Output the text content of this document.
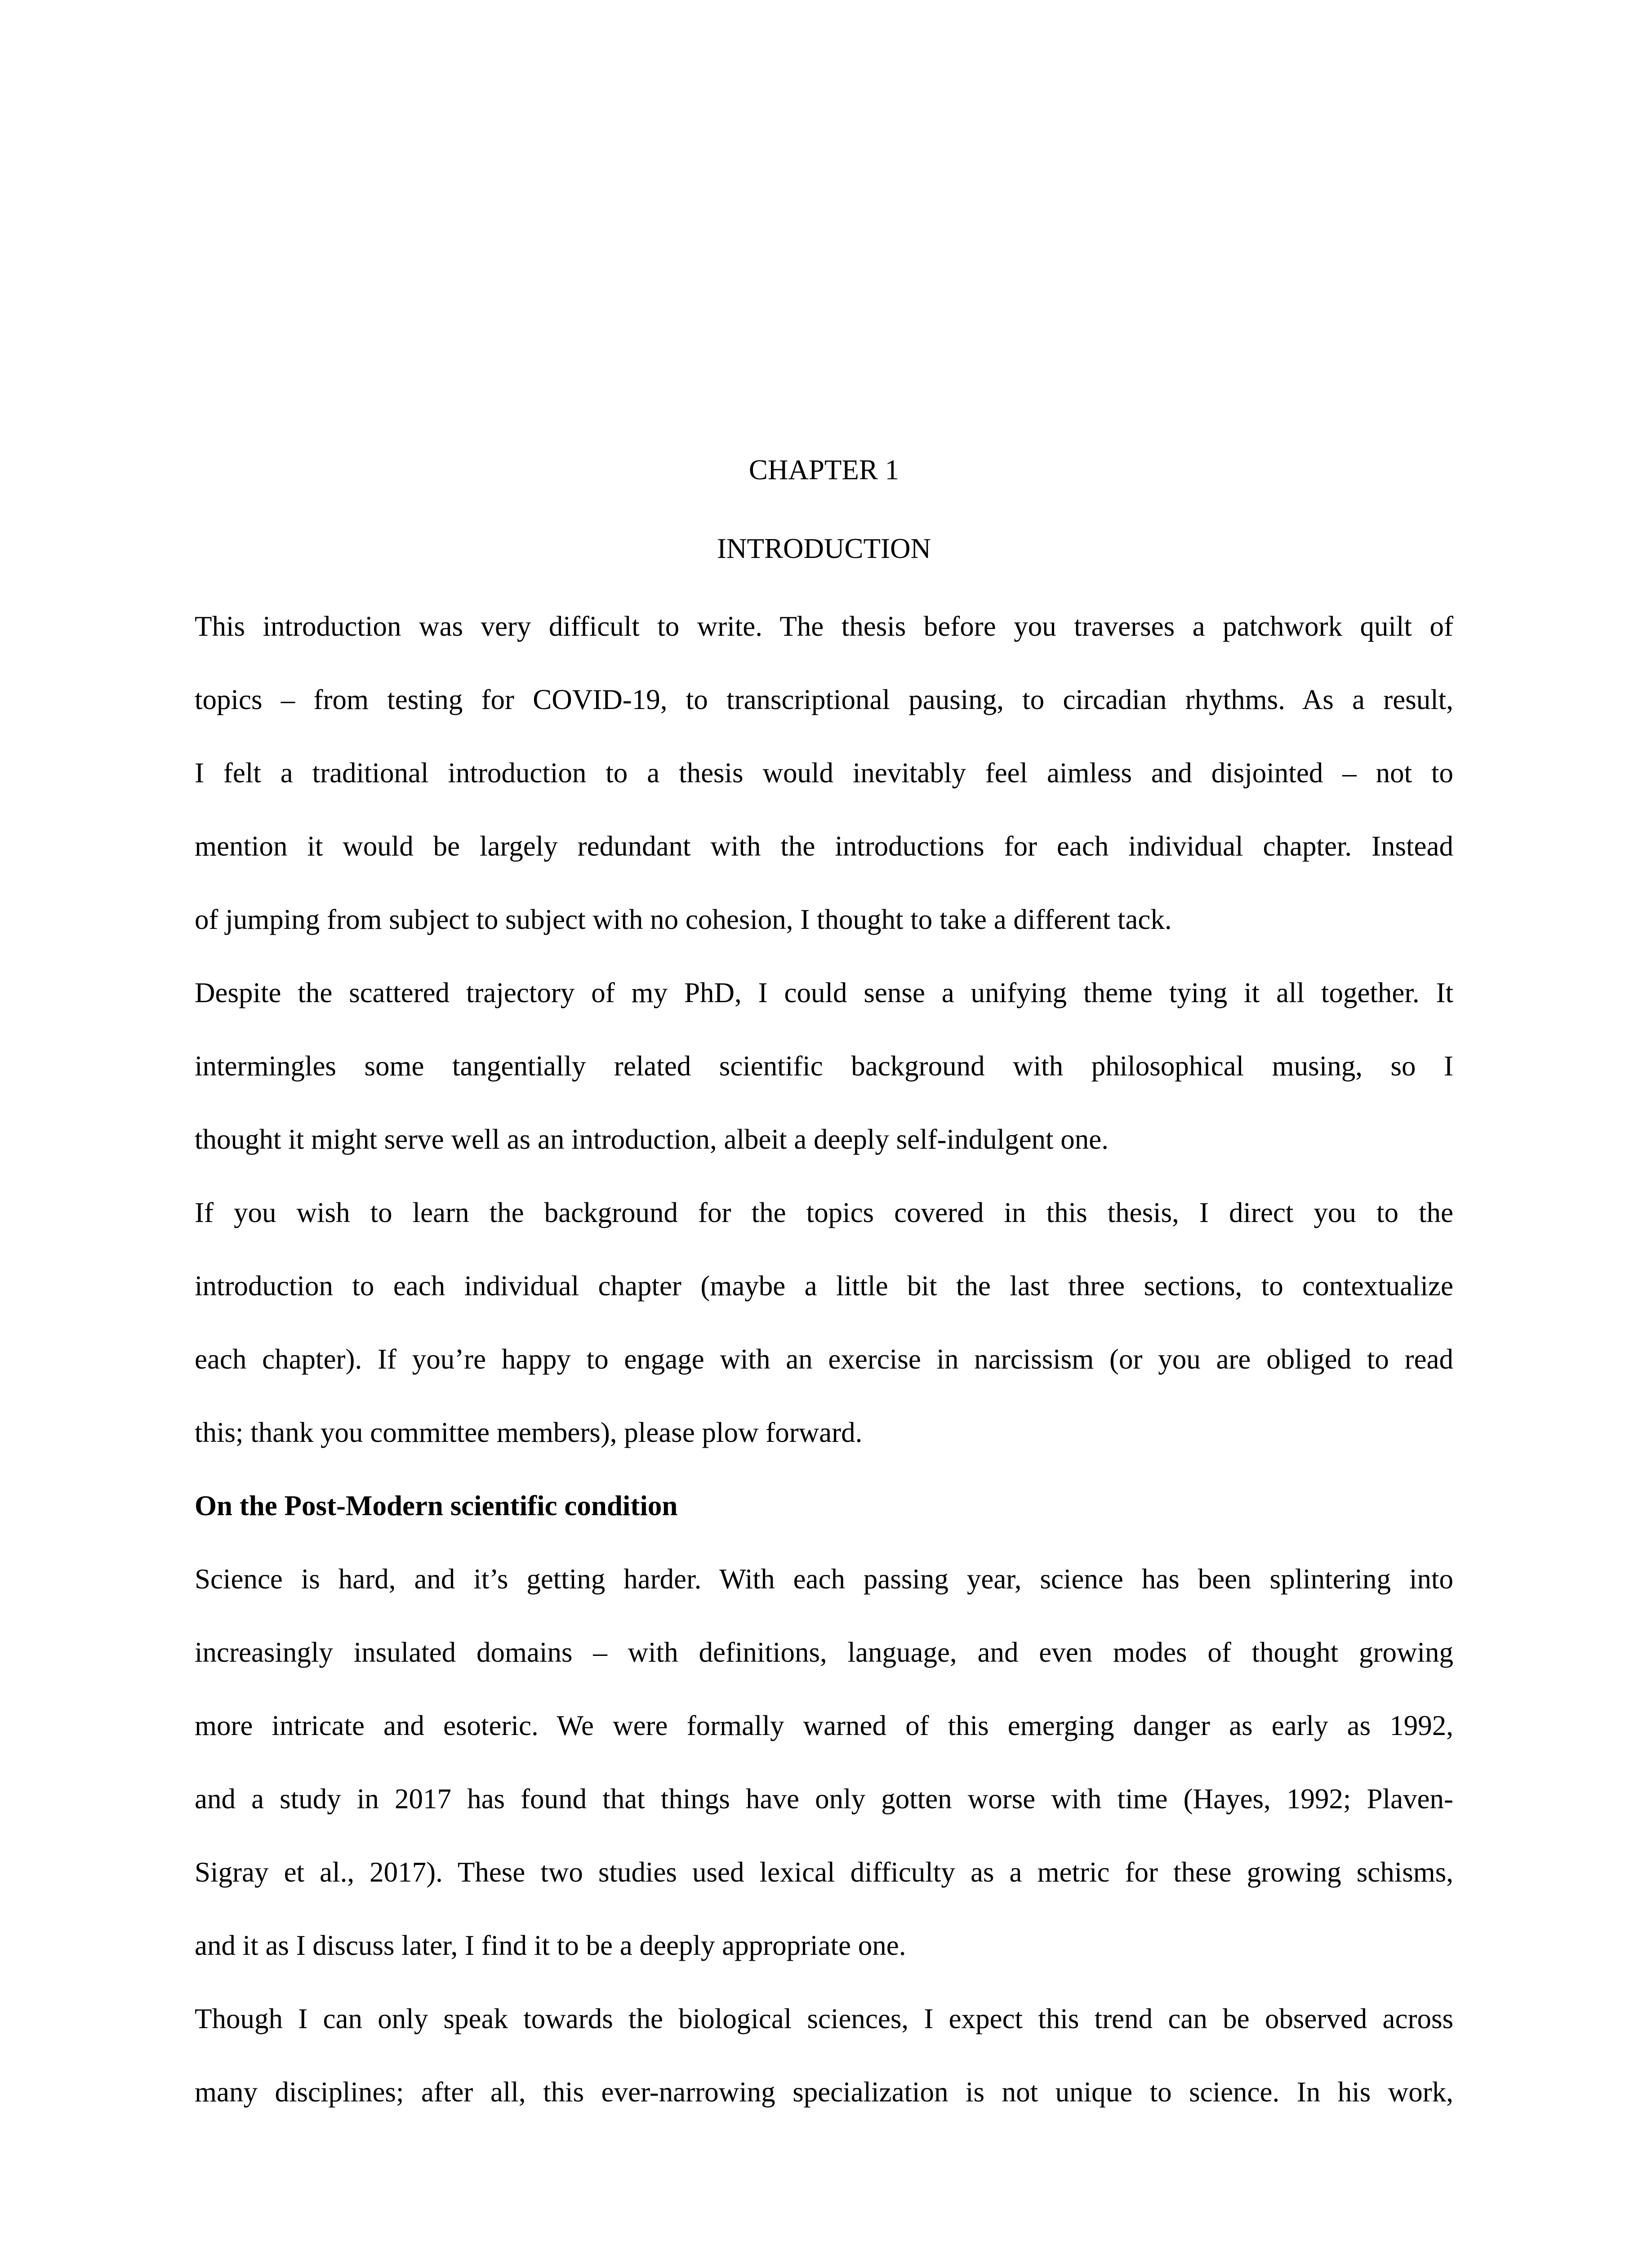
CHAPTER 1
INTRODUCTION

This introduction was very difficult to write. The thesis before you traverses a patchwork quilt of

topics – from testing for COVID-19, to transcriptional pausing, to circadian rhythms. As a result,

I felt a traditional introduction to a thesis would inevitably feel aimless and disjointed – not to

mention it would be largely redundant with the introductions for each individual chapter. Instead

of jumping from subject to subject with no cohesion, I thought to take a different tack.

Despite the scattered trajectory of my PhD, I could sense a unifying theme tying it all together. It

intermingles some tangentially related scientific background with philosophical musing, so I

thought it might serve well as an introduction, albeit a deeply self-indulgent one.

If you wish to learn the background for the topics covered in this thesis, I direct you to the

introduction to each individual chapter (maybe a little bit the last three sections, to contextualize

each chapter). If you’re happy to engage with an exercise in narcissism (or you are obliged to read

this; thank you committee members), please plow forward.

On the Post-Modern scientific condition

Science is hard, and it’s getting harder. With each passing year, science has been splintering into

increasingly insulated domains – with definitions, language, and even modes of thought growing

more intricate and esoteric. We were formally warned of this emerging danger as early as 1992,

and a study in 2017 has found that things have only gotten worse with time (Hayes, 1992; Plaven-

Sigray et al., 2017). These two studies used lexical difficulty as a metric for these growing schisms,

and it as I discuss later, I find it to be a deeply appropriate one.

Though I can only speak towards the biological sciences, I expect this trend can be observed across

many disciplines; after all, this ever-narrowing specialization is not unique to science. In his work,
